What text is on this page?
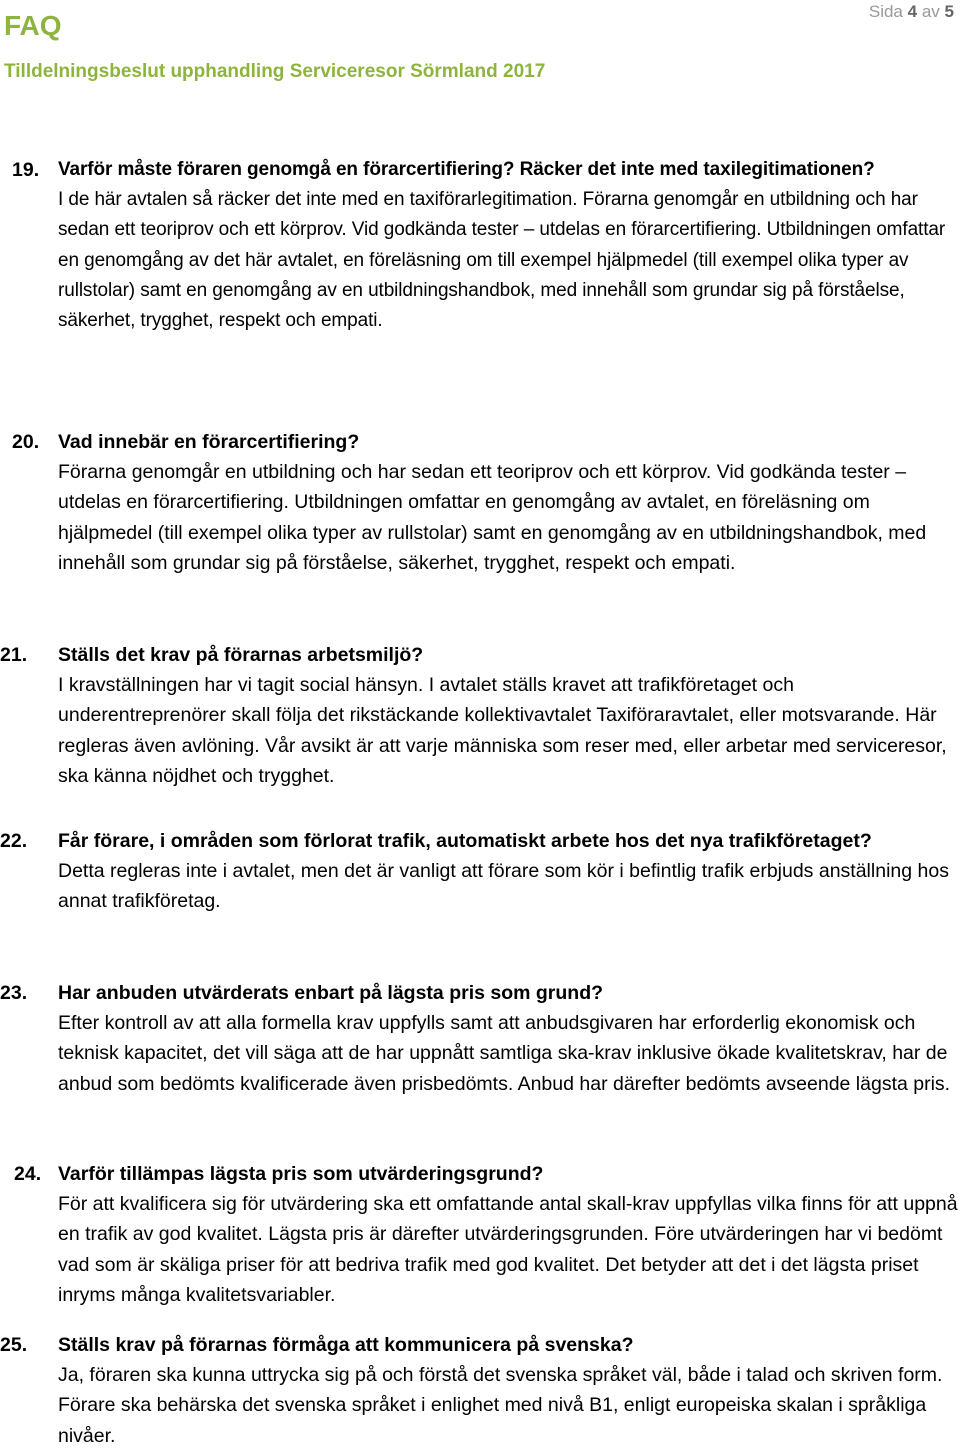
FAQ
Tilldelningsbeslut upphandling Serviceresor Sörmland 2017
Sida 4 av 5
19. Varför måste föraren genomgå en förarcertifiering? Räcker det inte med taxilegitimationen?
I de här avtalen så räcker det inte med en taxiförarlegitimation. Förarna genomgår en utbildning och har sedan ett teoriprov och ett körprov. Vid godkända tester – utdelas en förarcertifiering. Utbildningen omfattar en genomgång av det här avtalet, en föreläsning om till exempel hjälpmedel (till exempel olika typer av rullstolar) samt en genomgång av en utbildningshandbok, med innehåll som grundar sig på förståelse, säkerhet, trygghet, respekt och empati.
20. Vad innebär en förarcertifiering?
Förarna genomgår en utbildning och har sedan ett teoriprov och ett körprov. Vid godkända tester – utdelas en förarcertifiering. Utbildningen omfattar en genomgång av avtalet, en föreläsning om hjälpmedel (till exempel olika typer av rullstolar) samt en genomgång av en utbildningshandbok, med innehåll som grundar sig på förståelse, säkerhet, trygghet, respekt och empati.
21. Ställs det krav på förarnas arbetsmiljö?
I kravställningen har vi tagit social hänsyn. I avtalet ställs kravet att trafikföretaget och underentreprenörer skall följa det rikstäckande kollektivavtalet Taxiföraravtalet, eller motsvarande. Här regleras även avlöning. Vår avsikt är att varje människa som reser med, eller arbetar med serviceresor, ska känna nöjdhet och trygghet.
22. Får förare, i områden som förlorat trafik, automatiskt arbete hos det nya trafikföretaget?
Detta regleras inte i avtalet, men det är vanligt att förare som kör i befintlig trafik erbjuds anställning hos annat trafikföretag.
23. Har anbuden utvärderats enbart på lägsta pris som grund?
Efter kontroll av att alla formella krav uppfylls samt att anbudsgivaren har erforderlig ekonomisk och teknisk kapacitet, det vill säga att de har uppnått samtliga ska-krav inklusive ökade kvalitetskrav, har de anbud som bedömts kvalificerade även prisbedömts. Anbud har därefter bedömts avseende lägsta pris.
24. Varför tillämpas lägsta pris som utvärderingsgrund?
För att kvalificera sig för utvärdering ska ett omfattande antal skall-krav uppfyllas vilka finns för att uppnå en trafik av god kvalitet. Lägsta pris är därefter utvärderingsgrunden. Före utvärderingen har vi bedömt vad som är skäliga priser för att bedriva trafik med god kvalitet. Det betyder att det i det lägsta priset inryms många kvalitetsvariabler.
25. Ställs krav på förarnas förmåga att kommunicera på svenska?
Ja, föraren ska kunna uttrycka sig på och förstå det svenska språket väl, både i talad och skriven form. Förare ska behärska det svenska språket i enlighet med nivå B1, enligt europeiska skalan i språkliga nivåer.
